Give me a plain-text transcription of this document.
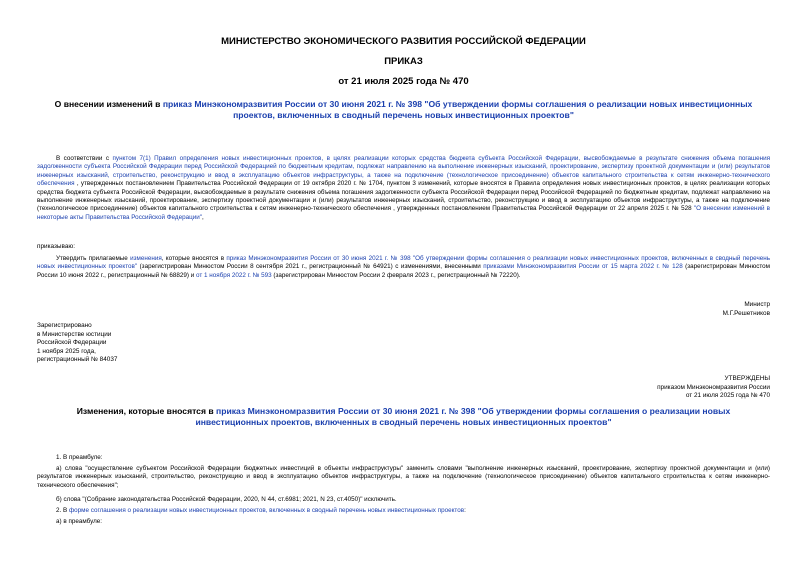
МИНИСТЕРСТВО ЭКОНОМИЧЕСКОГО РАЗВИТИЯ РОССИЙСКОЙ ФЕДЕРАЦИИ
ПРИКАЗ
от 21 июля 2025 года № 470
О внесении изменений в приказ Минэкономразвития России от 30 июня 2021 г. № 398 "Об утверждении формы соглашения о реализации новых инвестиционных проектов, включенных в сводный перечень новых инвестиционных проектов"
В соответствии с пунктом 7(1) Правил определения новых инвестиционных проектов, в целях реализации которых средства бюджета субъекта Российской Федерации, высвобождаемые в результате снижения объема погашения задолженности субъекта Российской Федерации перед Российской Федерацией по бюджетным кредитам, подлежат направлению на выполнение инженерных изысканий, проектирование, экспертизу проектной документации и (или) результатов инженерных изысканий, строительство, реконструкцию и ввод в эксплуатацию объектов инфраструктуры, а также на подключение (технологическое присоединение) объектов капитального строительства к сетям инженерно-технического обеспечения , утвержденных постановлением Правительства Российской Федерации от 19 октября 2020 г. № 1704, пунктом 3 изменений, которые вносятся в Правила определения новых инвестиционных проектов, в целях реализации которых средства бюджета субъекта Российской Федерации, высвобождаемые в результате снижения объема погашения задолженности субъекта Российской Федерации перед Российской Федерацией по бюджетным кредитам, подлежат направлению на выполнение инженерных изысканий, проектирование, экспертизу проектной документации и (или) результатов инженерных изысканий, строительство, реконструкцию и ввод в эксплуатацию объектов инфраструктуры, а также на подключение (технологическое присоединение) объектов капитального строительства к сетям инженерно-технического обеспечения , утвержденных постановлением Правительства Российской Федерации от 22 апреля 2025 г. № 528 "О внесении изменений в некоторые акты Правительства Российской Федерации",
приказываю:
Утвердить прилагаемые изменения, которые вносятся в приказ Минэкономразвития России от 30 июня 2021 г. № 398 "Об утверждении формы соглашения о реализации новых инвестиционных проектов, включенных в сводный перечень новых инвестиционных проектов" (зарегистрирован Минюстом России 8 сентября 2021 г., регистрационный № 64921) с изменениями, внесенными приказами Минэкономразвития России от 15 марта 2022 г. № 128 (зарегистрирован Минюстом России 10 июня 2022 г., регистрационный № 68829) и от 1 ноября 2022 г. № 593 (зарегистрирован Минюстом России 2 февраля 2023 г., регистрационный № 72220).
Министр
М.Г.Решетников
Зарегистрировано
в Министерстве юстиции
Российской Федерации
1 ноября 2025 года,
регистрационный № 84037
УТВЕРЖДЕНЫ
приказом Минэкономразвития России
от 21 июля 2025 года № 470
Изменения, которые вносятся в приказ Минэкономразвития России от 30 июня 2021 г. № 398 "Об утверждении формы соглашения о реализации новых инвестиционных проектов, включенных в сводный перечень новых инвестиционных проектов"
1. В преамбуле:
а) слова "осуществление субъектом Российской Федерации бюджетных инвестиций в объекты инфраструктуры" заменить словами "выполнение инженерных изысканий, проектирование, экспертизу проектной документации и (или) результатов инженерных изысканий, строительство, реконструкцию и ввод в эксплуатацию объектов инфраструктуры, а также на подключение (технологическое присоединение) объектов капитального строительства к сетям инженерно-технического обеспечения";
б) слова "(Собрание законодательства Российской Федерации, 2020, N 44, ст.6981; 2021, N 23, ст.4050)" исключить.
2. В форме соглашения о реализации новых инвестиционных проектов, включенных в сводный перечень новых инвестиционных проектов:
а) в преамбуле:
